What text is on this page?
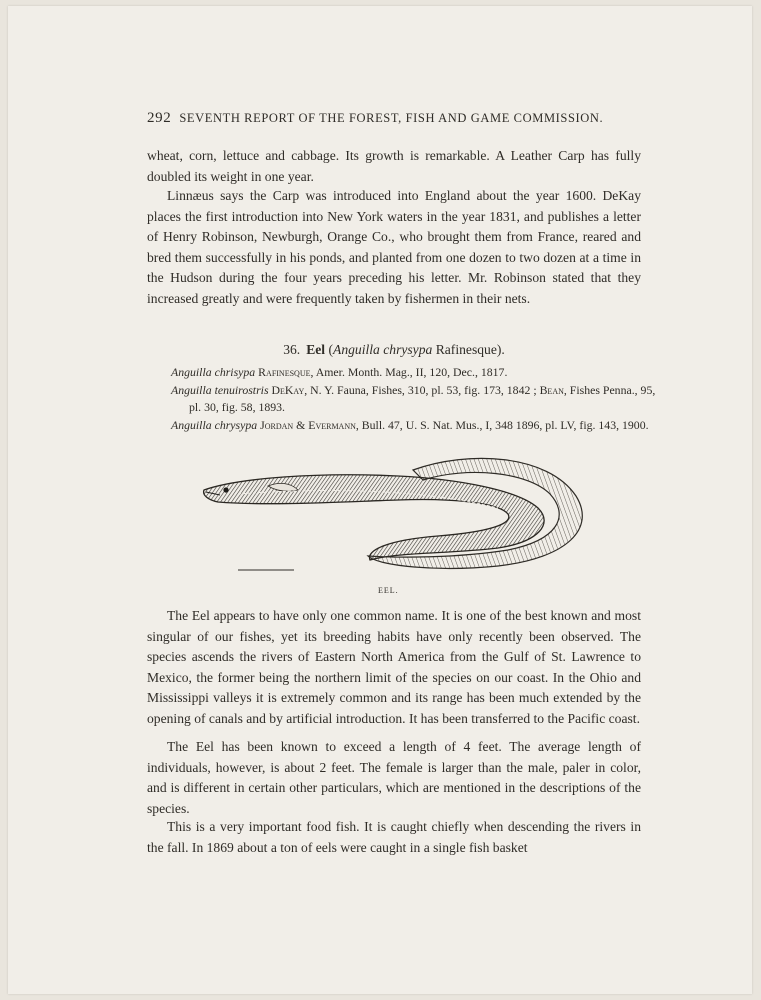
292 SEVENTH REPORT OF THE FOREST, FISH AND GAME COMMISSION.

wheat, corn, lettuce and cabbage. Its growth is remarkable. A Leather Carp has fully doubled its weight in one year.

Linnæus says the Carp was introduced into England about the year 1600. DeKay places the first introduction into New York waters in the year 1831, and publishes a letter of Henry Robinson, Newburgh, Orange Co., who brought them from France, reared and bred them successfully in his ponds, and planted from one dozen to two dozen at a time in the Hudson during the four years preceding his letter. Mr. Robinson stated that they increased greatly and were frequently taken by fishermen in their nets.

36. Eel (Anguilla chrysypa Rafinesque).

Anguilla chrisypa Rafinesque, Amer. Month. Mag., II, 120, Dec., 1817.

Anguilla tenuirostris DeKay, N. Y. Fauna, Fishes, 310, pl. 53, fig. 173, 1842 ; Bean, Fishes Penna., 95, pl. 30, fig. 58, 1893.

Anguilla chrysypa Jordan & Evermann, Bull. 47, U. S. Nat. Mus., I, 348 1896, pl. LV, fig. 143, 1900.

EEL.

The Eel appears to have only one common name. It is one of the best known and most singular of our fishes, yet its breeding habits have only recently been observed. The species ascends the rivers of Eastern North America from the Gulf of St. Lawrence to Mexico, the former being the northern limit of the species on our coast. In the Ohio and Mississippi valleys it is extremely common and its range has been much extended by the opening of canals and by artificial introduction. It has been transferred to the Pacific coast.

The Eel has been known to exceed a length of 4 feet. The average length of individuals, however, is about 2 feet. The female is larger than the male, paler in color, and is different in certain other particulars, which are mentioned in the descriptions of the species.

This is a very important food fish. It is caught chiefly when descending the rivers in the fall. In 1869 about a ton of eels were caught in a single fish basket
